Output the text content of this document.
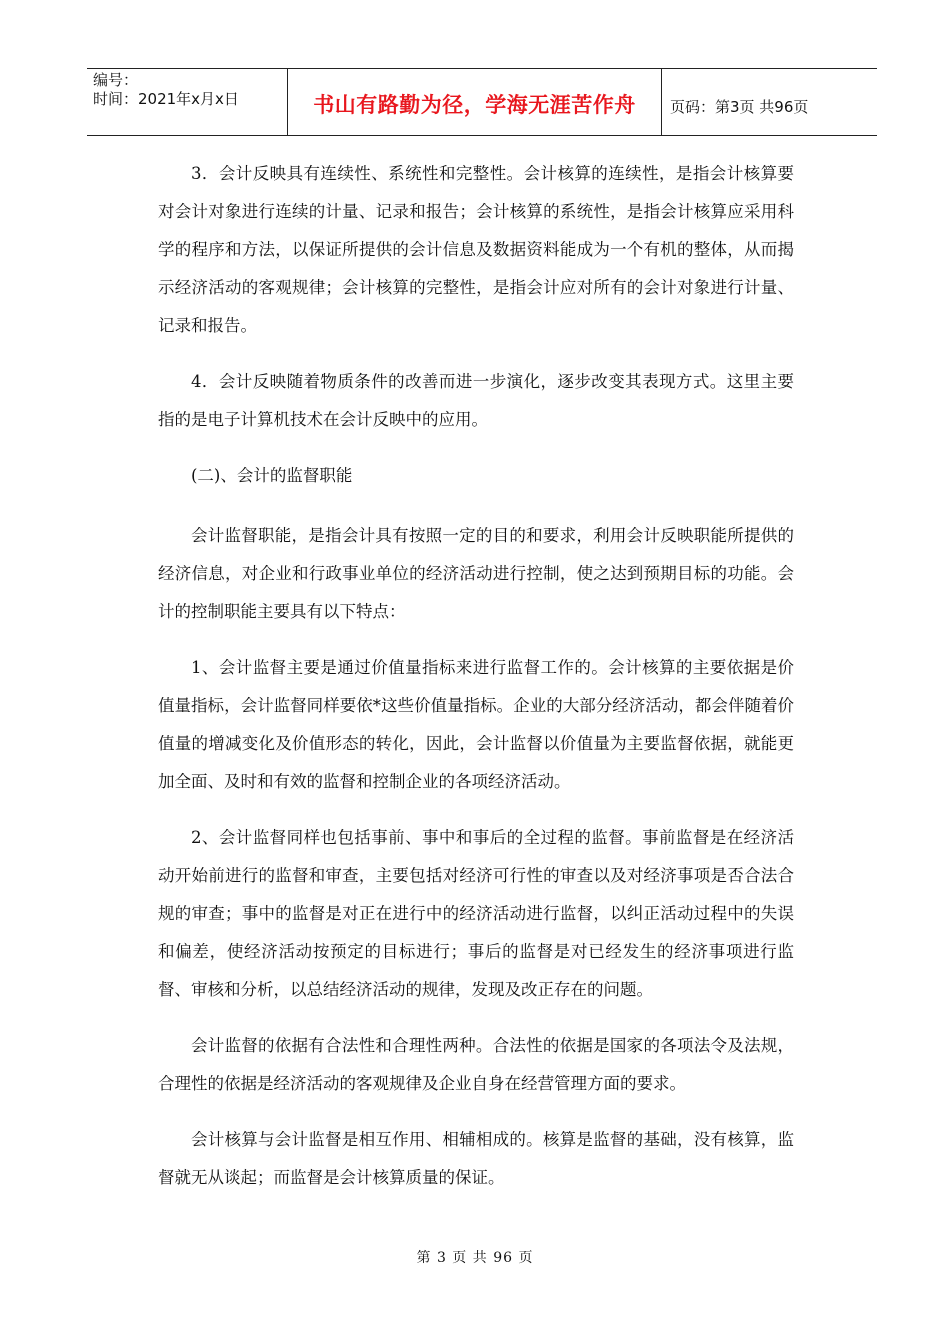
编号：
时间：2021年x月x日	书山有路勤为径，学海无涯苦作舟	页码：第3页 共96页

3．会计反映具有连续性、系统性和完整性。会计核算的连续性，是指会计核算要对会计对象进行连续的计量、记录和报告；会计核算的系统性，是指会计核算应采用科学的程序和方法，以保证所提供的会计信息及数据资料能成为一个有机的整体，从而揭示经济活动的客观规律；会计核算的完整性，是指会计应对所有的会计对象进行计量、记录和报告。

4．会计反映随着物质条件的改善而进一步演化，逐步改变其表现方式。这里主要指的是电子计算机技术在会计反映中的应用。

(二)、会计的监督职能

会计监督职能，是指会计具有按照一定的目的和要求，利用会计反映职能所提供的经济信息，对企业和行政事业单位的经济活动进行控制，使之达到预期目标的功能。会计的控制职能主要具有以下特点：

1、会计监督主要是通过价值量指标来进行监督工作的。会计核算的主要依据是价值量指标，会计监督同样要依*这些价值量指标。企业的大部分经济活动，都会伴随着价值量的增减变化及价值形态的转化，因此，会计监督以价值量为主要监督依据，就能更加全面、及时和有效的监督和控制企业的各项经济活动。

2、会计监督同样也包括事前、事中和事后的全过程的监督。事前监督是在经济活动开始前进行的监督和审查，主要包括对经济可行性的审查以及对经济事项是否合法合规的审查；事中的监督是对正在进行中的经济活动进行监督，以纠正活动过程中的失误和偏差，使经济活动按预定的目标进行；事后的监督是对已经发生的经济事项进行监督、审核和分析，以总结经济活动的规律，发现及改正存在的问题。

会计监督的依据有合法性和合理性两种。合法性的依据是国家的各项法令及法规，合理性的依据是经济活动的客观规律及企业自身在经营管理方面的要求。

会计核算与会计监督是相互作用、相辅相成的。核算是监督的基础，没有核算，监督就无从谈起；而监督是会计核算质量的保证。

第 3 页 共 96 页
